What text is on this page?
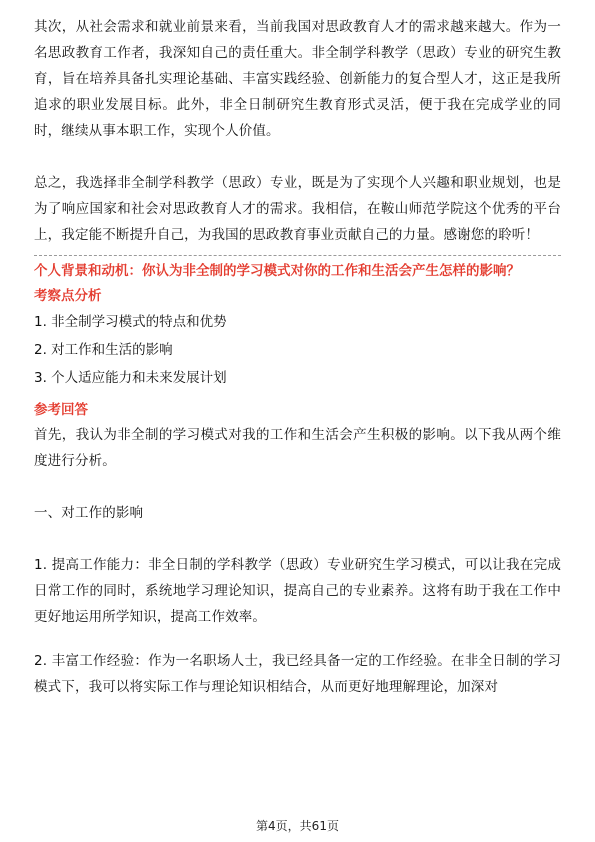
其次，从社会需求和就业前景来看，当前我国对思政教育人才的需求越来越大。作为一名思政教育工作者，我深知自己的责任重大。非全制学科教学（思政）专业的研究生教育，旨在培养具备扎实理论基础、丰富实践经验、创新能力的复合型人才，这正是我所追求的职业发展目标。此外，非全日制研究生教育形式灵活，便于我在完成学业的同时，继续从事本职工作，实现个人价值。

总之，我选择非全制学科教学（思政）专业，既是为了实现个人兴趣和职业规划，也是为了响应国家和社会对思政教育人才的需求。我相信，在鞍山师范学院这个优秀的平台上，我定能不断提升自己，为我国的思政教育事业贡献自己的力量。感谢您的聆听！

个人背景和动机：你认为非全制的学习模式对你的工作和生活会产生怎样的影响？
考察点分析
1. 非全制学习模式的特点和优势
2. 对工作和生活的影响
3. 个人适应能力和未来发展计划
参考回答

首先，我认为非全制的学习模式对我的工作和生活会产生积极的影响。以下我从两个维度进行分析。

一、对工作的影响

1. 提高工作能力：非全日制的学科教学（思政）专业研究生学习模式，可以让我在完成日常工作的同时，系统地学习理论知识，提高自己的专业素养。这将有助于我在工作中更好地运用所学知识，提高工作效率。

2. 丰富工作经验：作为一名职场人士，我已经具备一定的工作经验。在非全日制的学习模式下，我可以将实际工作与理论知识相结合，从而更好地理解理论，加深对

第4页，共61页
